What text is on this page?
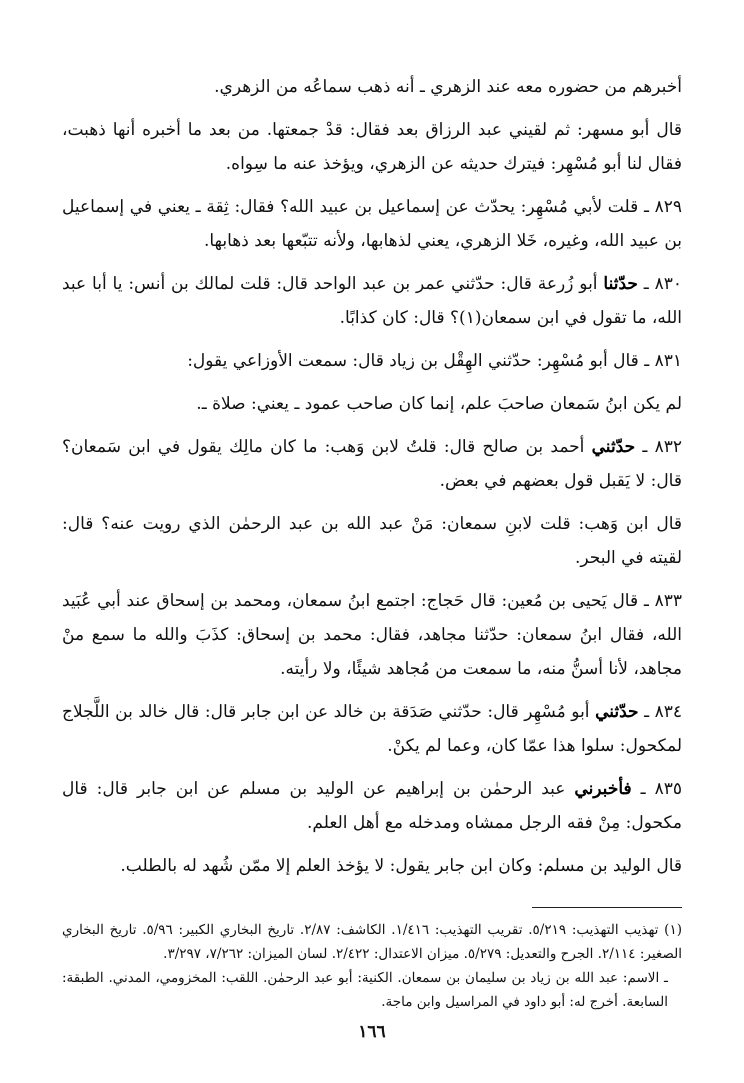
أخبرهم من حضوره معه عند الزهري ـ أنه ذهب سماعُه من الزهري.

قال أبو مسهر: ثم لقيني عبد الرزاق بعد فقال: قدْ جمعتها. من بعد ما أخبره أنها ذهبت، فقال لنا أبو مُسْهِر: فيترك حديثه عن الزهري، ويؤخذ عنه ما سِواه.

٨٢٩ ـ قلت لأبي مُسْهِر: يحدّث عن إسماعيل بن عبيد الله؟ فقال: ثِقة ـ يعني في إسماعيل بن عبيد الله، وغيره، خَلا الزهري، يعني لذهابها، ولأنه تتبّعها بعد ذهابها.

٨٣٠ ـ حدّثنا أبو زُرعة قال: حدّثني عمر بن عبد الواحد قال: قلت لمالك بن أنس: يا أبا عبد الله، ما تقول في ابن سمعان(١)؟ قال: كان كذابًا.

٨٣١ ـ قال أبو مُسْهِر: حدّثني الهِقْل بن زياد قال: سمعت الأوزاعي يقول:

لم يكن ابنُ سَمعان صاحبَ علم، إنما كان صاحب عمود ـ يعني: صلاة ـ.

٨٣٢ ـ حدّثني أحمد بن صالح قال: قلتُ لابن وَهب: ما كان مالِك يقول في ابن سَمعان؟ قال: لا يَقبل قول بعضهم في بعض.

قال ابن وَهب: قلت لابنِ سمعان: مَنْ عبد الله بن عبد الرحمٰن الذي رويت عنه؟ قال: لقيته في البحر.

٨٣٣ ـ قال يَحيى بن مُعين: قال حَجاج: اجتمع ابنُ سمعان، ومحمد بن إسحاق عند أبي عُبَيد الله، فقال ابنُ سمعان: حدّثنا مجاهد، فقال: محمد بن إسحاق: كذَبَ والله ما سمع منْ مجاهد، لأنا أسنُّ منه، ما سمعت من مُجاهد شيئًا، ولا رأيته.

٨٣٤ ـ حدّثني أبو مُسْهِر قال: حدّثني صَدَقة بن خالد عن ابن جابر قال: قال خالد بن اللَّجلاج لمكحول: سلوا هذا عمّا كان، وعما لم يكنْ.

٨٣٥ ـ فأخبرني عبد الرحمٰن بن إبراهيم عن الوليد بن مسلم عن ابن جابر قال: قال مكحول: مِنْ فقه الرجل ممشاه ومدخله مع أهل العلم.

قال الوليد بن مسلم: وكان ابن جابر يقول: لا يؤخذ العلم إلا ممّن شُهد له بالطلب.

(١) تهذيب التهذيب: ٥/٢١٩. تقريب التهذيب: ١/٤١٦. الكاشف: ٢/٨٧. تاريخ البخاري الكبير: ٥/٩٦. تاريخ البخاري الصغير: ٢/١١٤. الجرح والتعديل: ٥/٢٧٩. ميزان الاعتدال: ٢/٤٢٢. لسان الميزان: ٧/٢٦٢، ٣/٢٩٧.

ـ الاسم: عبد الله بن زياد بن سليمان بن سمعان. الكنية: أبو عبد الرحمٰن. اللقب: المخزومي، المدني. الطبقة: السابعة. أخرج له: أبو داود في المراسيل وابن ماجة.

١٦٦
